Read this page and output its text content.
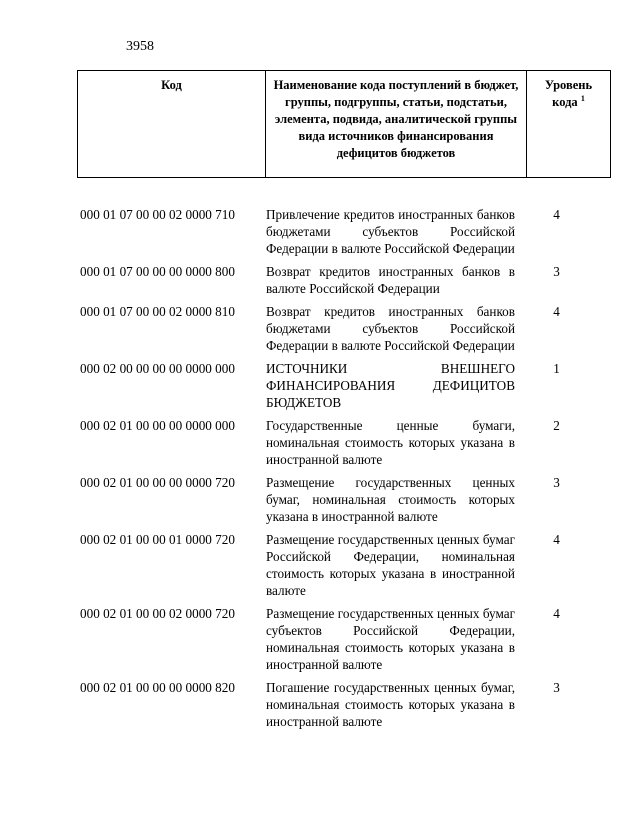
3958
Код	Наименование кода поступлений в бюджет, группы, подгруппы, статьи, подстатьи, элемента, подвида, аналитической группы вида источников финансирования дефицитов бюджетов	Уровень кода $^1$
000 01 07 00 00 02 0000 710	Привлечение кредитов иностранных банков бюджетами субъектов Российской Федерации в валюте Российской Федерации	4
000 01 07 00 00 00 0000 800	Возврат кредитов иностранных банков в валюте Российской Федерации	3
000 01 07 00 00 02 0000 810	Возврат кредитов иностранных банков бюджетами субъектов Российской Федерации в валюте Российской Федерации	4
000 02 00 00 00 00 0000 000	ИСТОЧНИКИ ВНЕШНЕГО ФИНАНСИРОВАНИЯ ДЕФИЦИТОВ БЮДЖЕТОВ	1
000 02 01 00 00 00 0000 000	Государственные ценные бумаги, номинальная стоимость которых указана в иностранной валюте	2
000 02 01 00 00 00 0000 720	Размещение государственных ценных бумаг, номинальная стоимость которых указана в иностранной валюте	3
000 02 01 00 00 01 0000 720	Размещение государственных ценных бумаг Российской Федерации, номинальная стоимость которых указана в иностранной валюте	4
000 02 01 00 00 02 0000 720	Размещение государственных ценных бумаг субъектов Российской Федерации, номинальная стоимость которых указана в иностранной валюте	4
000 02 01 00 00 00 0000 820	Погашение государственных ценных бумаг, номинальная стоимость которых указана в иностранной валюте	3
